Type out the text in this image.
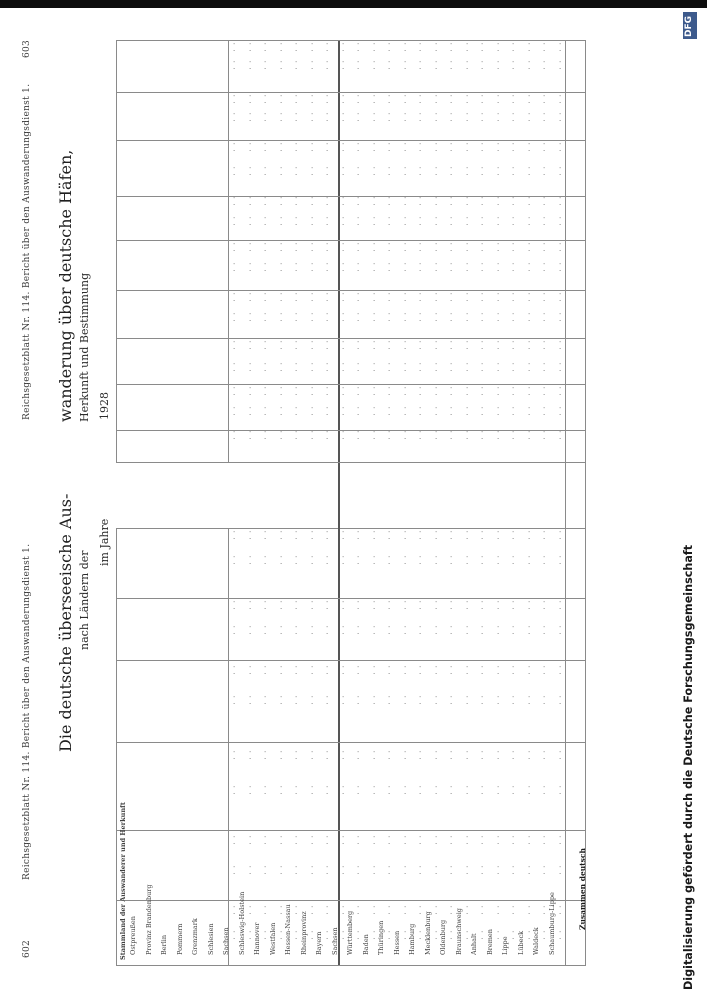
602
Reichsgesetzblatt Nr. 114. Bericht über den Auswanderungsdienst 1. Die deutsche überseeische Aus- nach Ländern der
im Jahre
Reichsgesetzblatt Nr. 114. Bericht über den Auswanderungsdienst 1.
603
wanderung über deutsche Häfen, Herkunft und Bestimmung 1928
Stammland der Auswanderer und Herkunft Ostpreußen Provinz Brandenburg Berlin Pommern Grenzmark Schlesien Sachsen Schleswig-Holstein Hannover Westfalen Hessen-Nassau Rheinprovinz Bayern Sachsen Württemberg Baden Thüringen Hessen Hamburg Mecklenburg Oldenburg Braunschweig Anhalt Bremen Lippe Lübeck Waldeck Schaumburg-Lippe	Zusammen deutsch
· ·
· ·
· ·
· ·
· ·
· ·
· ·
· ·
· ·
· ·
· ·
· ·
· ·
· ·
· ·
· ·
· ·
· ·
· ·
· ·
· ·
· ·
· ·
· ·
· ·
· ·
· ·
· ·
· ·
· ·
· ·
· ·
· ·
· ·
· ·
· ·
· ·
· ·
· ·
· ·
· ·
· ·
· ·
· ·
· ·
· ·
· ·
· ·
· ·
· ·
· ·
· ·
· ·
· ·
· ·
· ·
· ·
· ·
· ·
· ·
· ·
· ·
· ·
· ·
· ·
· ·
· ·
· ·
· ·
· ·
· ·
· ·
· ·
· ·
· ·
· ·
· ·
· ·
· ·
· ·
· ·
· ·
· ·
· ·
· ·
· ·
· ·
· ·
· ·
· ·
· ·
· ·
· ·
· ·
· ·
· ·
· ·
· ·
· ·
· ·
· ·
· ·
· ·
· ·
· ·
· ·
· ·
· ·
· ·
· ·
· ·
· ·
· ·
· ·
· ·
· ·
· ·
· ·
· ·
· ·
· ·
· ·
· ·
· ·
· ·
· ·
· ·
· ·
· ·
· ·
· ·
· ·
· ·
· ·
· ·
· ·
· ·
· ·
· ·
· ·
· ·
· ·
· ·
· ·
· ·
· ·
· ·
· ·
· ·
· ·
· ·
· ·
· ·
· ·
· ·
· ·
· ·
· ·
· ·
· ·
· ·
· ·
· ·
· ·
· ·
· ·
· ·
· ·
· ·
· ·
· ·
· ·
· ·
· ·
· ·
· ·
· ·
· ·
· ·
· ·
· ·
· ·
· ·
· ·
· ·
· ·
· ·
· ·
· ·
· ·
· ·
· ·
· ·
· ·
· ·
· ·
· ·
· ·
· ·
· ·
· ·
· ·
· ·
· ·
· ·
· ·
· ·
· ·
· ·
· ·
· ·
· ·
· ·
· ·
· ·
· ·
· ·
· ·
· ·
· ·
· ·
· ·
· ·
· ·
· ·
· ·
· ·
· ·
· ·
· ·
· ·
· ·
· ·
· ·
· ·
· ·
· ·
· ·
· ·
· ·
· ·
· ·
· ·
· ·
· ·
· ·
· ·
· ·
· ·
· ·
· ·
· ·
· ·
· ·
· ·
· ·
· ·
· ·
· ·
· ·
· ·
· ·
· ·
· ·
· ·
· ·
· ·
· ·
· ·
· ·
· ·
· ·
· ·
· ·
· ·
· ·
· ·
· ·
· ·
· ·
· ·
· ·
· ·
· ·
· ·
· ·
· ·
· ·
· ·
· ·
· ·
· ·
· ·
· ·
· ·
· ·
· ·
· ·
· ·
· ·
· ·
· ·
· ·
· ·
· ·
· ·
· ·
· ·
· ·
· ·
· ·
· ·
· ·
· ·
· ·
· ·
· ·
· ·
· ·
· ·
· ·
· ·
· ·
· ·
· ·
· ·
· ·
· ·
· ·
· ·
· ·
· ·
· ·
· ·
· ·
· ·
· ·
· ·
· ·
· ·
· ·
· ·
· ·
· ·
· ·
· ·
· ·
· ·
· ·
· ·
· ·
· ·
· ·
· ·
· ·
· ·
· ·
· ·
· ·
· ·
· ·
· ·
· ·
· ·
· ·
· ·
· ·
· ·
· ·
· ·
· ·
· ·
· ·
· ·
· ·
· ·
· ·
· ·
· ·
· ·
· ·
· ·
· ·
· ·
· ·
· ·
· ·
· ·
· ·
· ·
· ·
· ·
· ·
· ·
· ·
· ·
· ·
· ·
· ·
· ·
· ·
· ·
· ·
· ·
· ·
· ·
· ·
· ·
· ·
· ·
· ·
· ·
· ·
· ·
· ·
· ·
· ·
· ·
· ·
· ·
· ·
· ·
· ·
· ·
· ·
· ·
· ·
· ·
· ·
· ·
· ·
· ·
· ·
· ·
· ·
· ·
· ·
· ·
· ·
· ·
· ·
· ·
· ·
· ·
· ·
· ·
· ·
· ·
· ·
· ·
· ·
· ·
· ·
· ·
· ·
· ·
· ·
· ·
· ·
· ·
· ·
· ·
· ·
· ·
· ·
· ·
· ·
· ·
· ·
· ·
· ·
· ·
· ·
· ·
· ·
· ·
· ·
· ·
· ·
· ·
· ·
· ·
· ·
· ·
· ·
· ·
· ·
· ·
· ·
· ·
· ·
· ·
· ·
· ·
· ·
· ·
· ·
· ·
· ·
· ·
· ·
· ·
· ·
· ·
· ·
· ·
· ·
· ·
· ·
· ·
· ·
· ·
· ·
· ·
· ·
· ·
· ·
· ·
· ·
· ·
· ·
· ·
· ·
· ·
· ·
· ·
· ·
· ·
· ·
· ·
· ·
· ·
· ·
· ·
· ·
· ·
· ·
· ·
· ·
· ·
· ·
· ·
· ·
· ·
· ·
· ·
· ·
· ·
· ·
· ·
· ·
· ·
· ·
· ·
· ·
· ·
· ·
· ·
· ·
· ·
· ·
· ·
· ·
· ·
· ·
· ·
· ·
· ·
· ·
· ·
· ·
· ·
· ·
· ·
· ·
· ·
· ·
· ·
· ·
· ·
· ·
· ·
· ·
· ·
· ·
· ·
· ·
· ·
· ·
· ·
· ·
· ·
· ·
· ·
· ·
· ·
· ·
· ·
· ·
· ·
· ·
· ·
· ·
· ·
· ·
· ·
· ·
· ·
· ·
· ·
· ·
· ·
· ·
· ·
· ·
· ·
· ·
· ·
· ·
· ·
· ·
· ·
· ·
· ·
· ·
· ·
· ·
· ·
· ·
· ·
· ·
· ·
· ·
· ·
· ·
· ·
· ·
· ·
Digitalisierung gefördert durch die Deutsche Forschungsgemeinschaft
DFG
